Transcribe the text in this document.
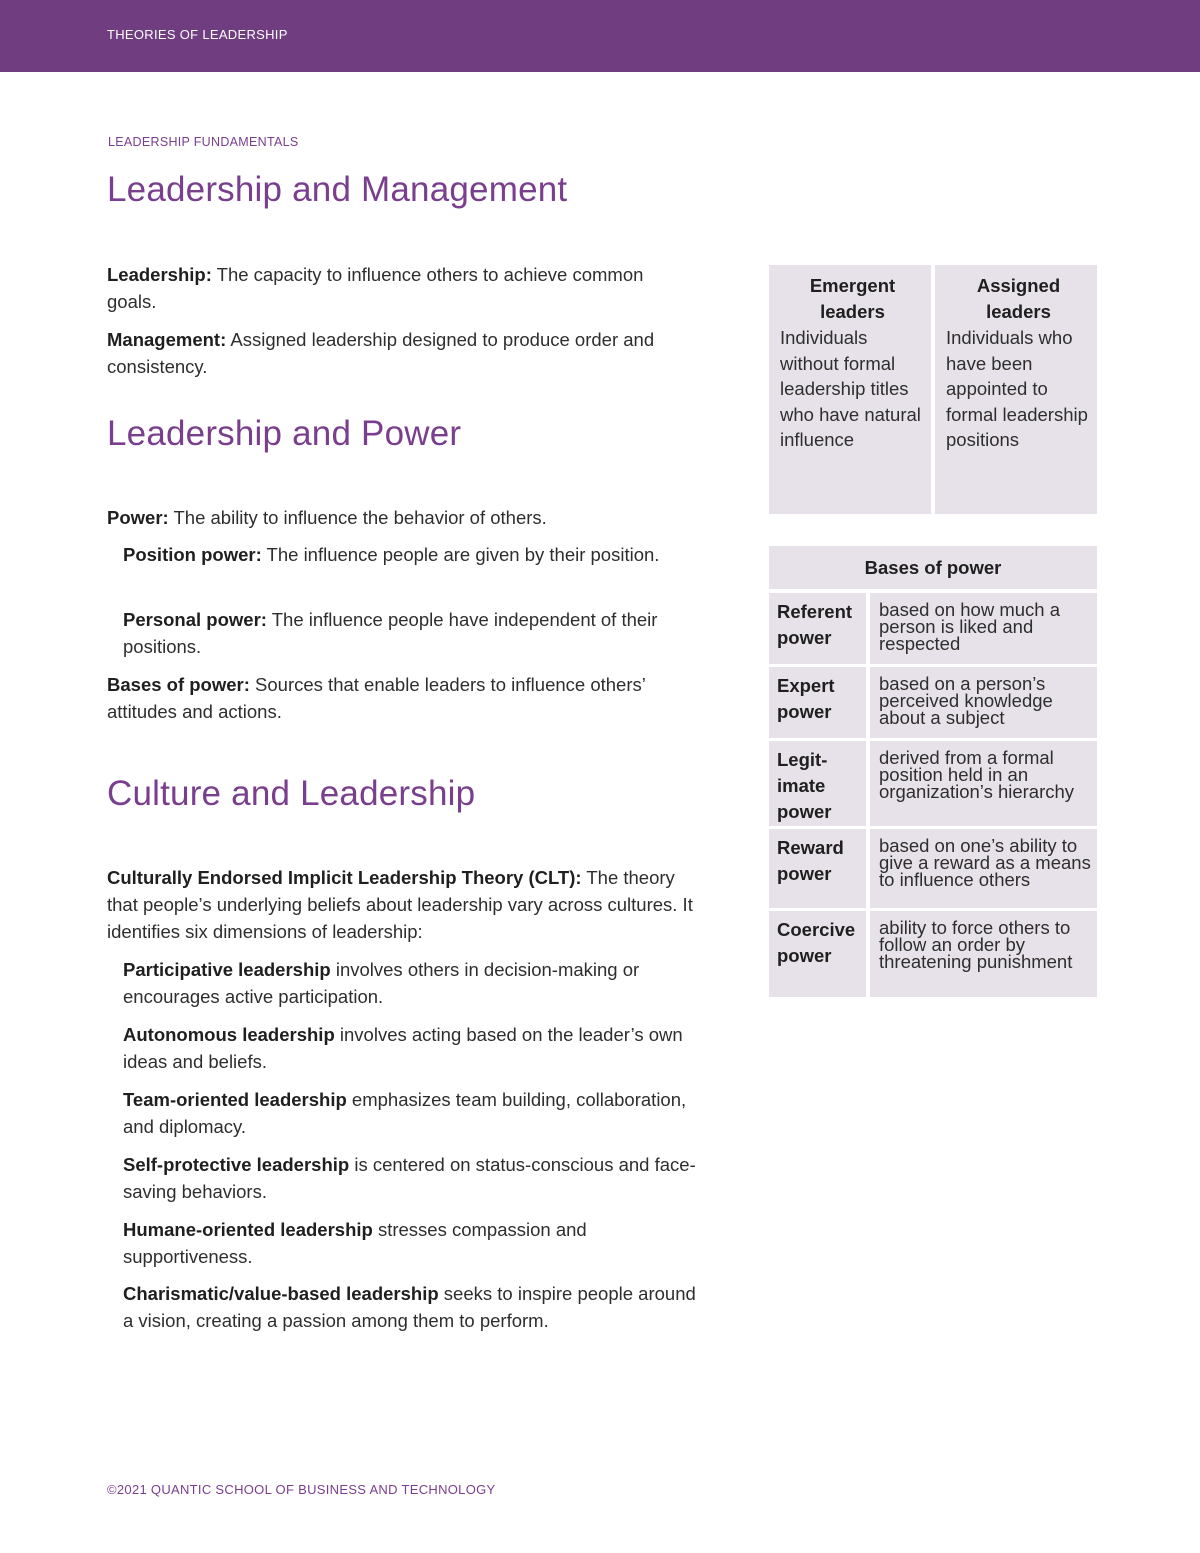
THEORIES OF LEADERSHIP
LEADERSHIP FUNDAMENTALS
Leadership and Management

Leadership: The capacity to influence others to achieve common goals.

Management: Assigned leadership designed to produce order and consistency.

Leadership and Power

Power: The ability to influence the behavior of others.

Position power: The influence people are given by their position.

Personal power: The influence people have independent of their positions.

Bases of power: Sources that enable leaders to influence others’ attitudes and actions.

Culture and Leadership

Culturally Endorsed Implicit Leadership Theory (CLT): The theory that people’s underlying beliefs about leadership vary across cultures. It identifies six dimensions of leadership:

Participative leadership involves others in decision-making or encourages active participation.

Autonomous leadership involves acting based on the leader’s own ideas and beliefs.

Team-oriented leadership emphasizes team building, collaboration, and diplomacy.

Self-protective leadership is centered on status-conscious and face-saving behaviors.

Humane-oriented leadership stresses compassion and supportiveness.

Charismatic/value-based leadership seeks to inspire people around a vision, creating a passion among them to perform.

Emergent leaders
Individuals without formal leadership titles who have natural influence
Assigned leaders
Individuals who have been appointed to formal leadership positions
Bases of power
Referent power
based on how much a person is liked and respected
Expert power
based on a person’s perceived knowledge about a subject
Legit-imate power
derived from a formal position held in an organization’s hierarchy
Reward power
based on one’s ability to give a reward as a means to influence others
Coercive power
ability to force others to follow an order by threatening punishment
©2021 QUANTIC SCHOOL OF BUSINESS AND TECHNOLOGY
